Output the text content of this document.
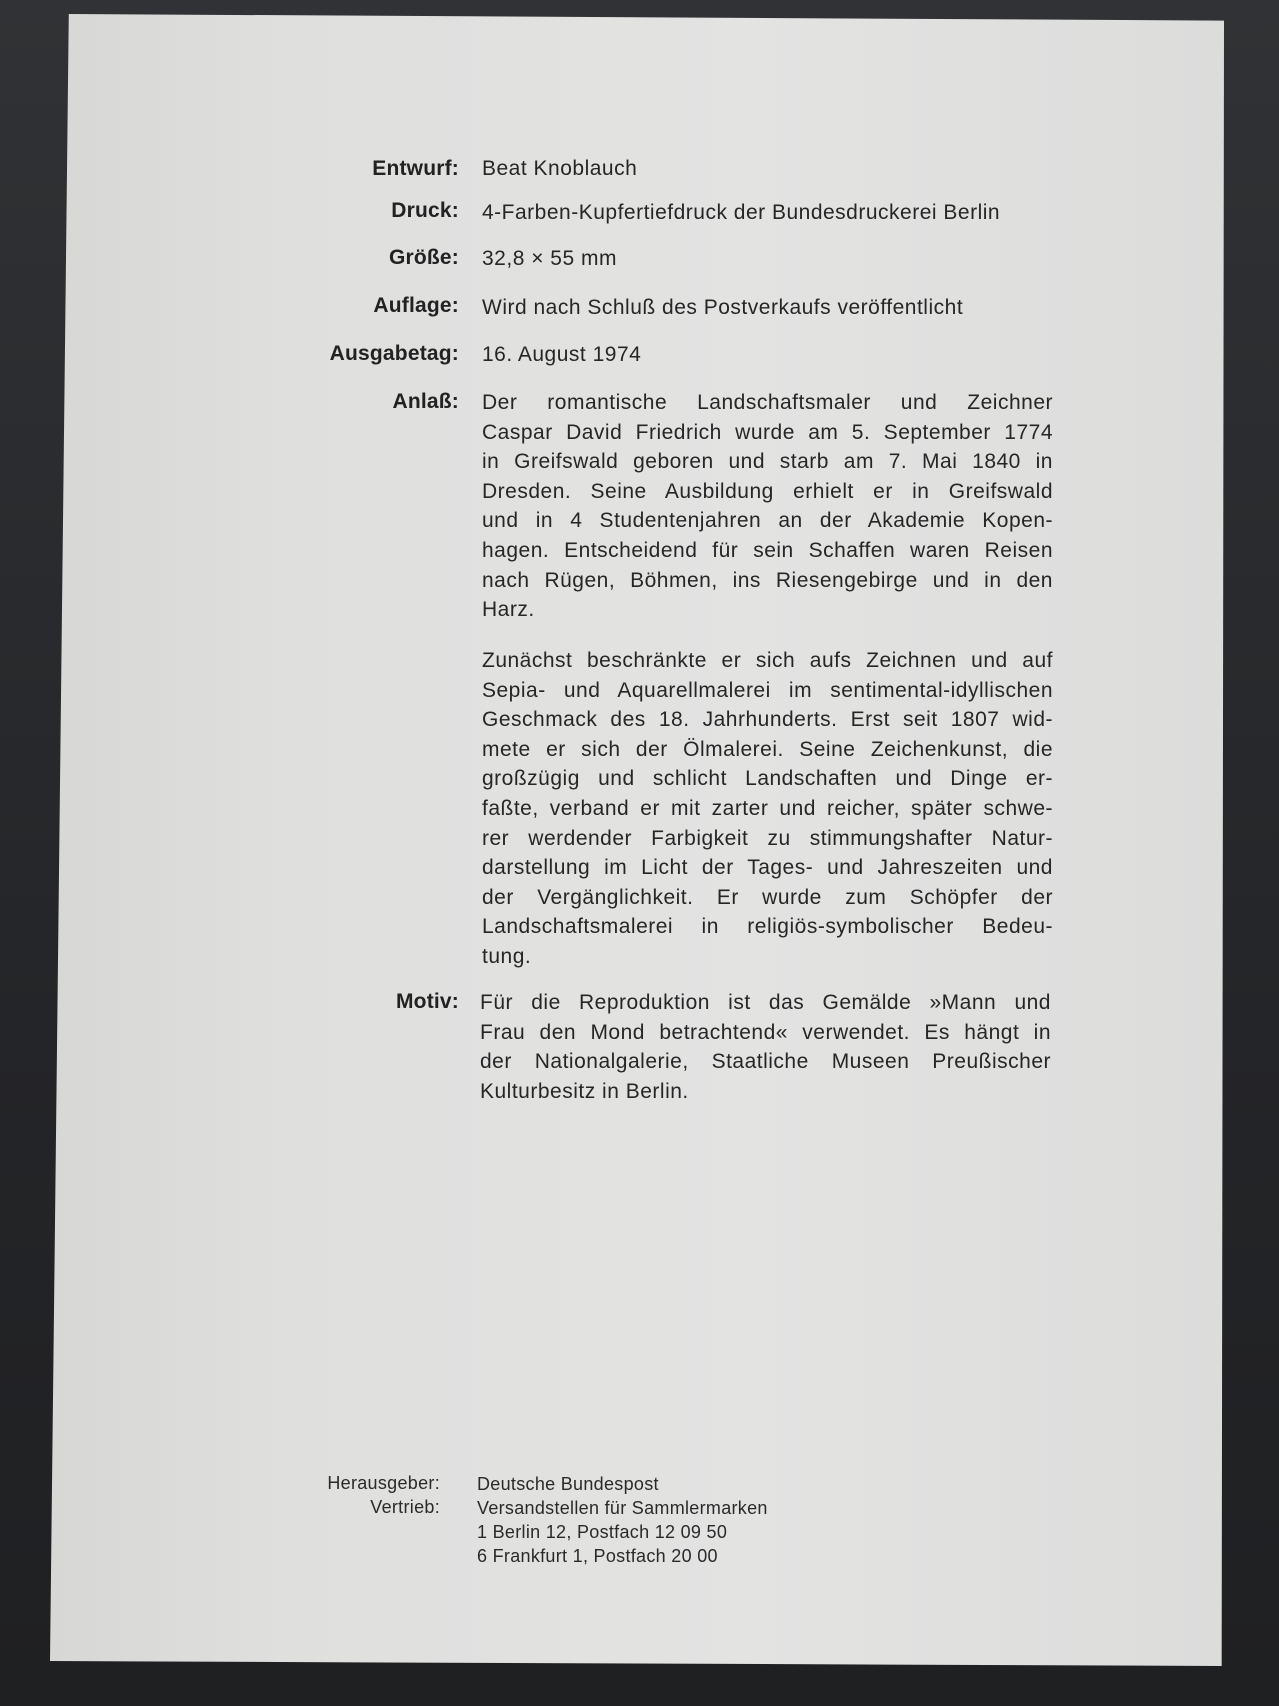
Entwurf: Beat Knoblauch
Druck: 4-Farben-Kupfertiefdruck der Bundesdruckerei Berlin
Größe: 32,8 × 55 mm
Auflage: Wird nach Schluß des Postverkaufs veröffentlicht
Ausgabetag: 16. August 1974
Anlaß: Der romantische Landschaftsmaler und Zeichner
Caspar David Friedrich wurde am 5. September 1774
in Greifswald geboren und starb am 7. Mai 1840 in
Dresden. Seine Ausbildung erhielt er in Greifswald
und in 4 Studentenjahren an der Akademie Kopen-
hagen. Entscheidend für sein Schaffen waren Reisen
nach Rügen, Böhmen, ins Riesengebirge und in den
Harz.
Zunächst beschränkte er sich aufs Zeichnen und auf
Sepia- und Aquarellmalerei im sentimental-idyllischen
Geschmack des 18. Jahrhunderts. Erst seit 1807 wid-
mete er sich der Ölmalerei. Seine Zeichenkunst, die
großzügig und schlicht Landschaften und Dinge er-
faßte, verband er mit zarter und reicher, später schwe-
rer werdender Farbigkeit zu stimmungshafter Natur-
darstellung im Licht der Tages- und Jahreszeiten und
der Vergänglichkeit. Er wurde zum Schöpfer der
Landschaftsmalerei in religiös-symbolischer Bedeu-
tung.
Motiv: Für die Reproduktion ist das Gemälde »Mann und
Frau den Mond betrachtend« verwendet. Es hängt in
der Nationalgalerie, Staatliche Museen Preußischer
Kulturbesitz in Berlin.
Herausgeber:
Vertrieb:
Deutsche Bundespost
Versandstellen für Sammlermarken
1 Berlin 12, Postfach 12 09 50
6 Frankfurt 1, Postfach 20 00
